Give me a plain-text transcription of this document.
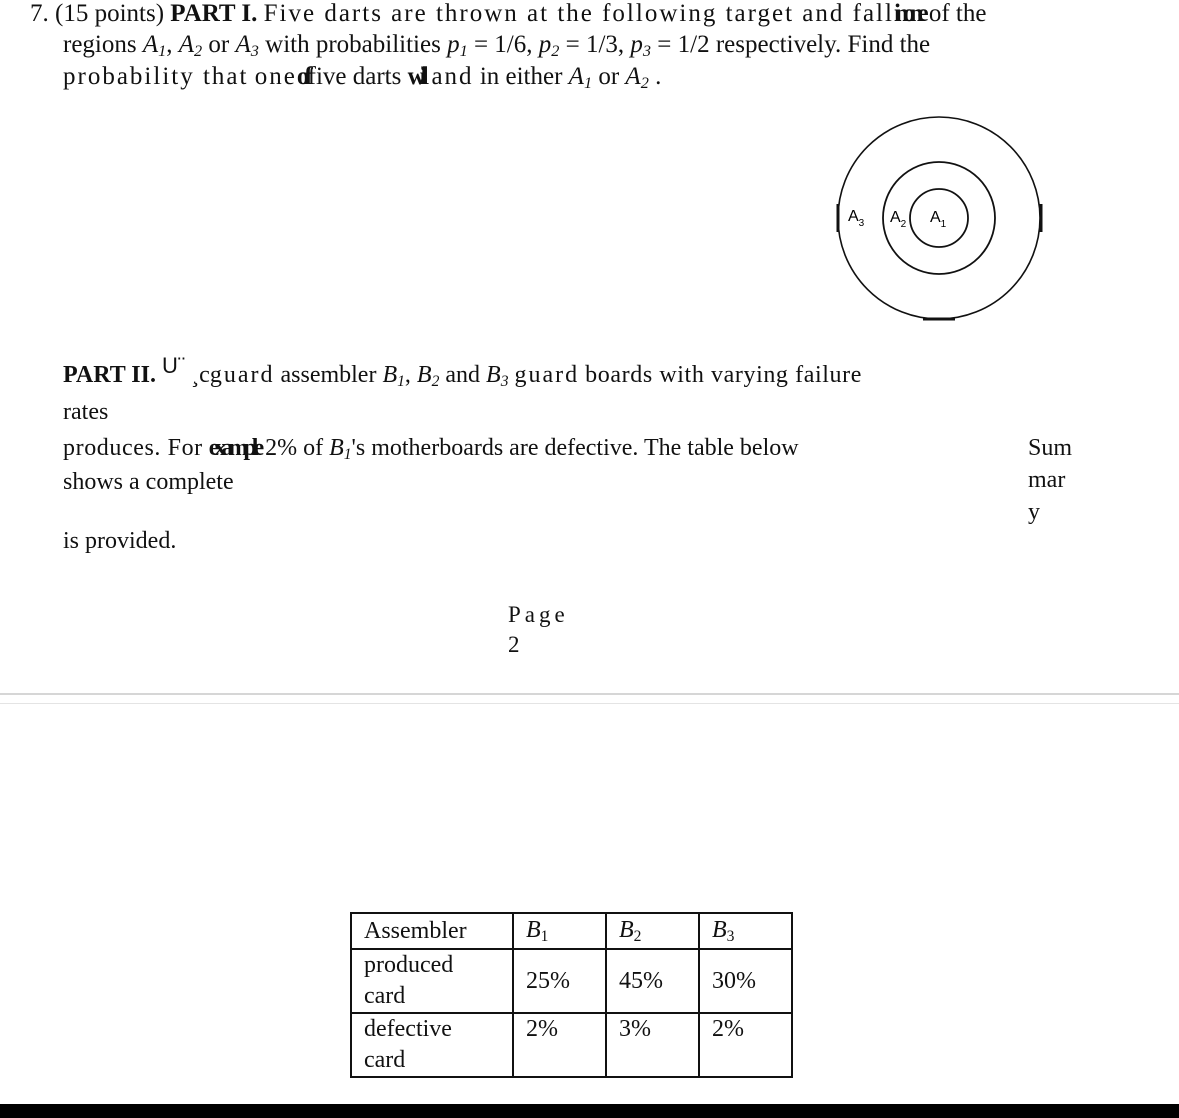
7. (15 points) PART I. Five darts are thrown at the following target and fallin one of the
regions $A_1$, $A_2$ or $A_3$ with probabilities $p_1 = 1/6$, $p_2 = 1/3$, $p_3 = 1/2$ respectively. Find the
probability that oneoffive darts willland in either $A_1$ or $A_2$ .
$A_3$ $A_2$ $A_1$
PART II. U¨ ¸cguard assembler $B_1$, $B_2$ and $B_3$ guard boards with varying failure
rates
produces. For example 2% of $B_1's$ motherboards are defective. The table below
shows a complete
Sum
mar
y
is provided.
Page
2
Assembler	$B_1$	$B_2$	$B_3$

produced
card	25%	45%	30%

defective
card	2%	3%	2%
